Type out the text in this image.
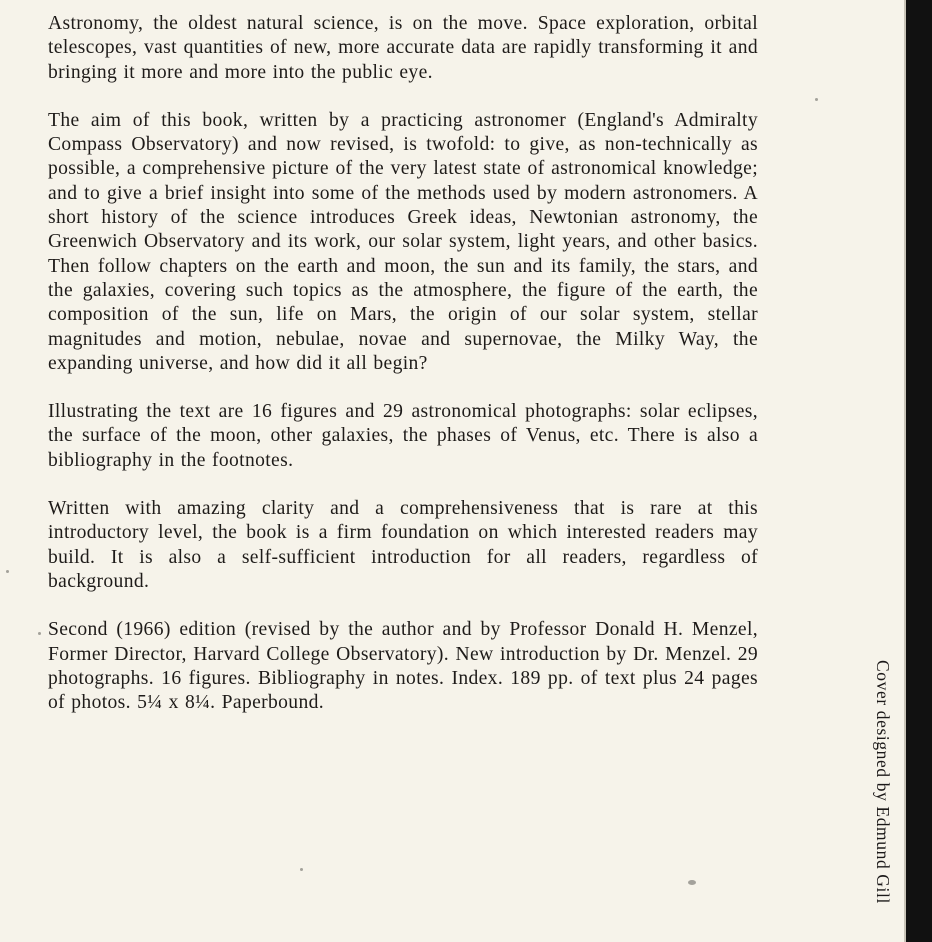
Astronomy, the oldest natural science, is on the move. Space exploration, orbital telescopes, vast quantities of new, more accurate data are rapidly transforming it and bringing it more and more into the public eye.

The aim of this book, written by a practicing astronomer (England's Admiralty Compass Observatory) and now revised, is twofold: to give, as non-technically as possible, a comprehensive picture of the very latest state of astronomical knowledge; and to give a brief insight into some of the methods used by modern astronomers. A short history of the science introduces Greek ideas, Newtonian astronomy, the Greenwich Observatory and its work, our solar system, light years, and other basics. Then follow chapters on the earth and moon, the sun and its family, the stars, and the galaxies, covering such topics as the atmosphere, the figure of the earth, the composition of the sun, life on Mars, the origin of our solar system, stellar magnitudes and motion, nebulae, novae and supernovae, the Milky Way, the expanding universe, and how did it all begin?

Illustrating the text are 16 figures and 29 astronomical photographs: solar eclipses, the surface of the moon, other galaxies, the phases of Venus, etc. There is also a bibliography in the footnotes.

Written with amazing clarity and a comprehensiveness that is rare at this introductory level, the book is a firm foundation on which interested readers may build. It is also a self-sufficient introduction for all readers, regardless of background.

Second (1966) edition (revised by the author and by Professor Donald H. Menzel, Former Director, Harvard College Observatory). New introduction by Dr. Menzel. 29 photographs. 16 figures. Bibliography in notes. Index. 189 pp. of text plus 24 pages of photos. 5¼ x 8¼. Paperbound.	Cover designed by Edmund Gill
